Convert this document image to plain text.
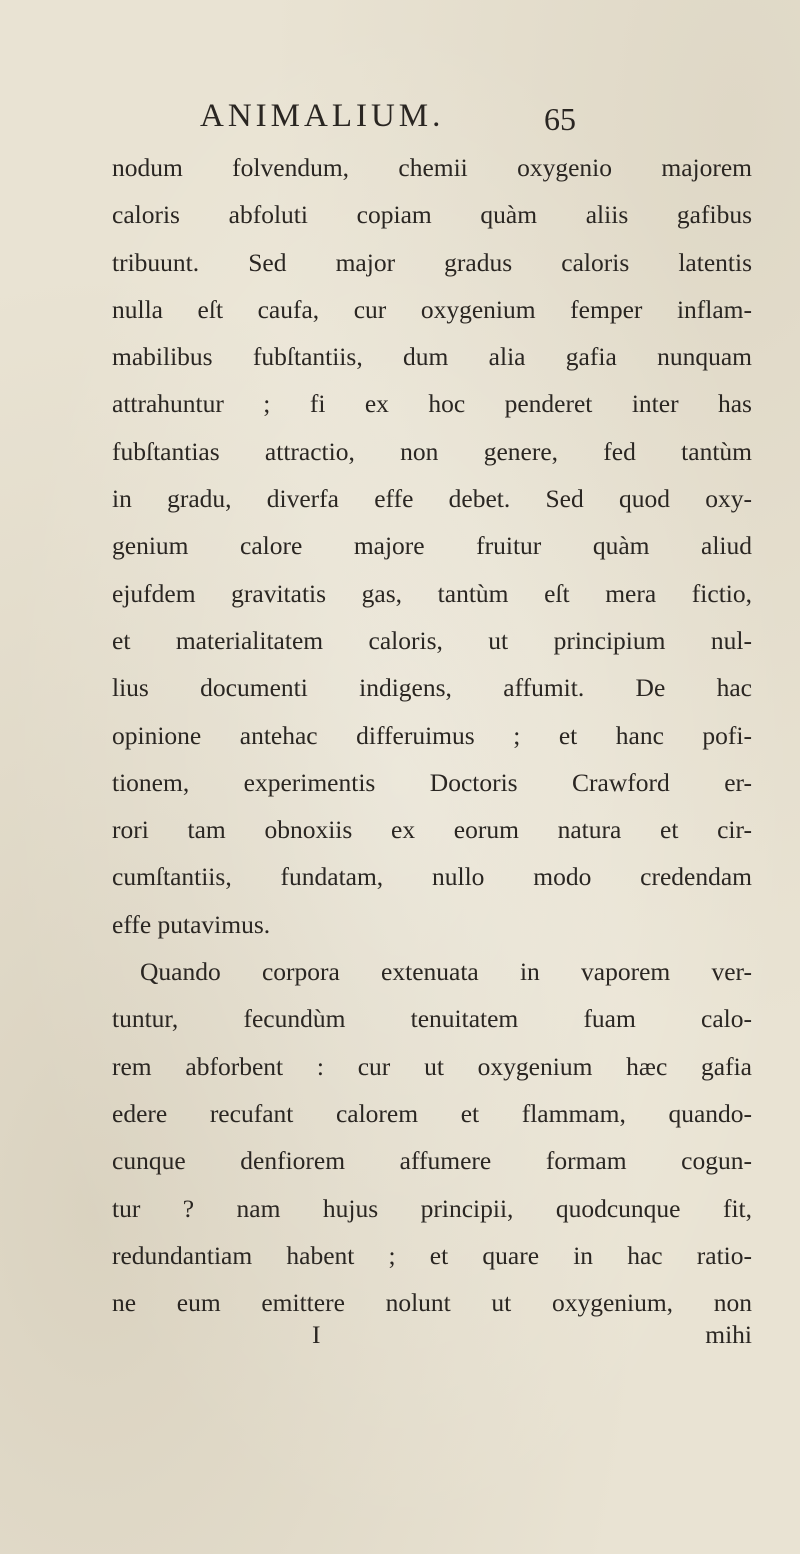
ANIMALIUM.	65
nodum folvendum, chemii oxygenio majorem
caloris abfoluti copiam quàm aliis gafibus
tribuunt. Sed major gradus caloris latentis
nulla eſt caufa, cur oxygenium femper inflam-
mabilibus fubſtantiis, dum alia gafia nunquam
attrahuntur ; fi ex hoc penderet inter has
fubſtantias attractio, non genere, fed tantùm
in gradu, diverfa effe debet. Sed quod oxy-
genium calore majore fruitur quàm aliud
ejufdem gravitatis gas, tantùm eſt mera fictio,
et materialitatem caloris, ut principium nul-
lius documenti indigens, affumit. De hac
opinione antehac differuimus ; et hanc pofi-
tionem, experimentis Doctoris Crawford er-
rori tam obnoxiis ex eorum natura et cir-
cumſtantiis, fundatam, nullo modo credendam
effe putavimus.
Quando corpora extenuata in vaporem ver-
tuntur, fecundùm tenuitatem fuam calo-
rem abforbent : cur ut oxygenium hæc gafia
edere recufant calorem et flammam, quando-
cunque denfiorem affumere formam cogun-
tur ? nam hujus principii, quodcunque fit,
redundantiam habent ; et quare in hac ratio-
ne eum emittere nolunt ut oxygenium, non
I	mihi
